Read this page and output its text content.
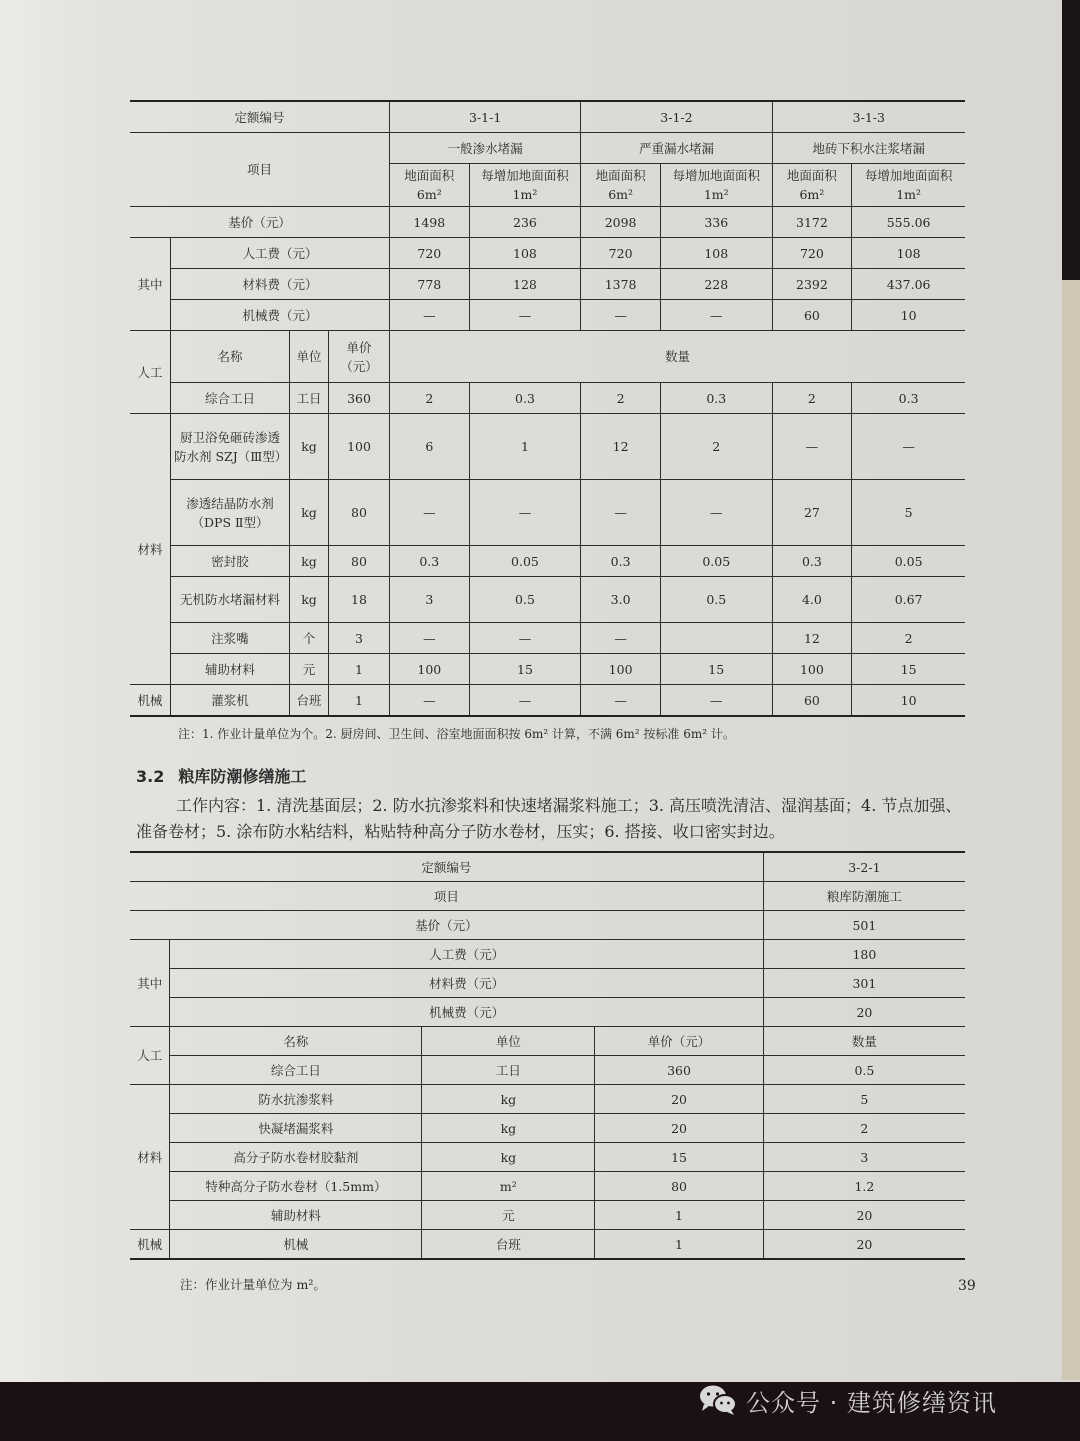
定额编号				3-1-1		3-1-2		3-1-3	
项目				一般渗水堵漏		严重漏水堵漏		地砖下积水注浆堵漏	
				地面面积 6m²	每增加地面面积 1m²	地面面积 6m²	每增加地面面积 1m²	地面面积 6m²	每增加地面面积 1m²
基价（元）				1498	236	2098	336	3172	555.06
其中	人工费（元）			720	108	720	108	720	108
	材料费（元）			778	128	1378	228	2392	437.06
	机械费（元）			—	—	—	—	60	10
人工	名称	单位	单价（元）	数量					
	综合工日	工日	360	2	0.3	2	0.3	2	0.3
材料	厨卫浴免砸砖渗透防水剂 SZJ（Ⅲ型）	kg	100	6	1	12	2	—	—
	渗透结晶防水剂（DPS Ⅱ型）	kg	80	—	—	—	—	27	5
	密封胶	kg	80	0.3	0.05	0.3	0.05	0.3	0.05
	无机防水堵漏材料	kg	18	3	0.5	3.0	0.5	4.0	0.67
	注浆嘴	个	3	—	—	—		12	2
	辅助材料	元	1	100	15	100	15	100	15
机械	灌浆机	台班	1	—	—	—	—	60	10
注：1. 作业计量单位为个。2. 厨房间、卫生间、浴室地面面积按 6m² 计算，不满 6m² 按标准 6m² 计。
3.2 粮库防潮修缮施工

工作内容：1. 清洗基面层；2. 防水抗渗浆料和快速堵漏浆料施工；3. 高压喷洗清洁、湿润基面；4. 节点加强、准备卷材；5. 涂布防水粘结料，粘贴特种高分子防水卷材，压实；6. 搭接、收口密实封边。

定额编号				3-2-1
项目				粮库防潮施工
基价（元）				501
其中	人工费（元）			180
	材料费（元）			301
	机械费（元）			20
人工	名称	单位	单价（元）	数量
	综合工日	工日	360	0.5
材料	防水抗渗浆料	kg	20	5
	快凝堵漏浆料	kg	20	2
	高分子防水卷材胶黏剂	kg	15	3
	特种高分子防水卷材（1.5mm）	m²	80	1.2
	辅助材料	元	1	20
机械	机械	台班	1	20
注：作业计量单位为 m²。	39
公众号 · 建筑修缮资讯
